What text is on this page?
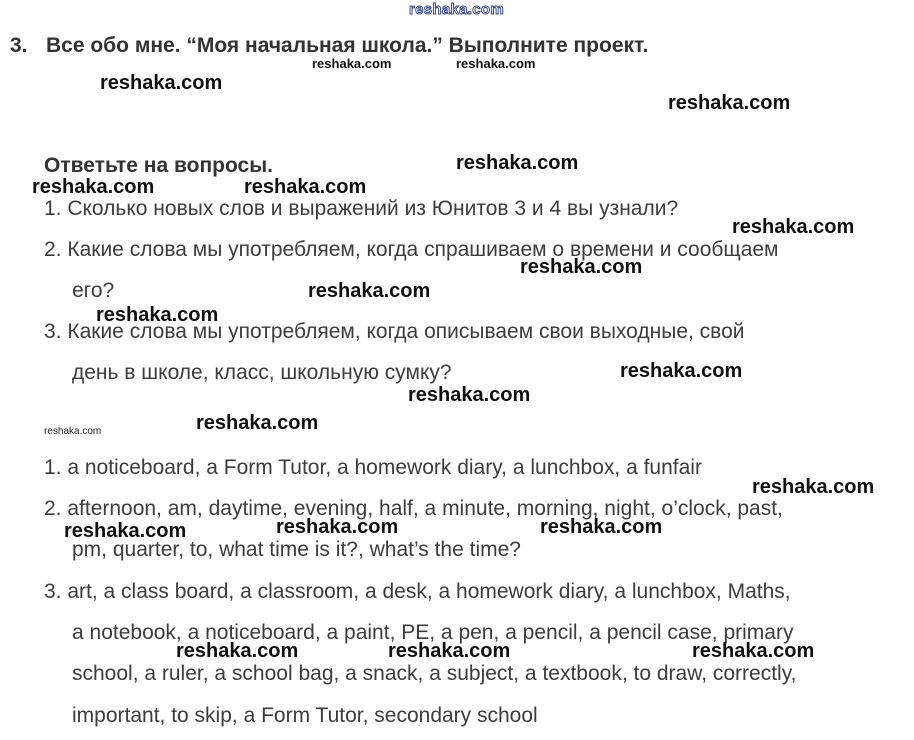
reshaka.com
3. Все обо мне. “Моя начальная школа.” Выполните проект.
Ответьте на вопросы.
1. Сколько новых слов и выражений из Юнитов 3 и 4 вы узнали?
2. Какие слова мы употребляем, когда спрашиваем о времени и сообщаем
его?
3. Какие слова мы употребляем, когда описываем свои выходные, свой
день в школе, класс, школьную сумку?
1. a noticeboard, a Form Tutor, a homework diary, a lunchbox, a funfair
2. afternoon, am, daytime, evening, half, a minute, morning, night, o’clock, past,
pm, quarter, to, what time is it?, what’s the time?
3. art, a class board, a classroom, a desk, a homework diary, a lunchbox, Maths,
a notebook, a noticeboard, a paint, PE, a pen, a pencil, a pencil case, primary
school, a ruler, a school bag, a snack, a subject, a textbook, to draw, correctly,
important, to skip, a Form Tutor, secondary school
reshaka.com	reshaka.com
reshaka.com
reshaka.com
reshaka.com
reshaka.com	reshaka.com
reshaka.com
reshaka.com
reshaka.com
reshaka.com
reshaka.com
reshaka.com
reshaka.com
reshaka.com
reshaka.com
reshaka.com	reshaka.com	reshaka.com
reshaka.com	reshaka.com	reshaka.com
